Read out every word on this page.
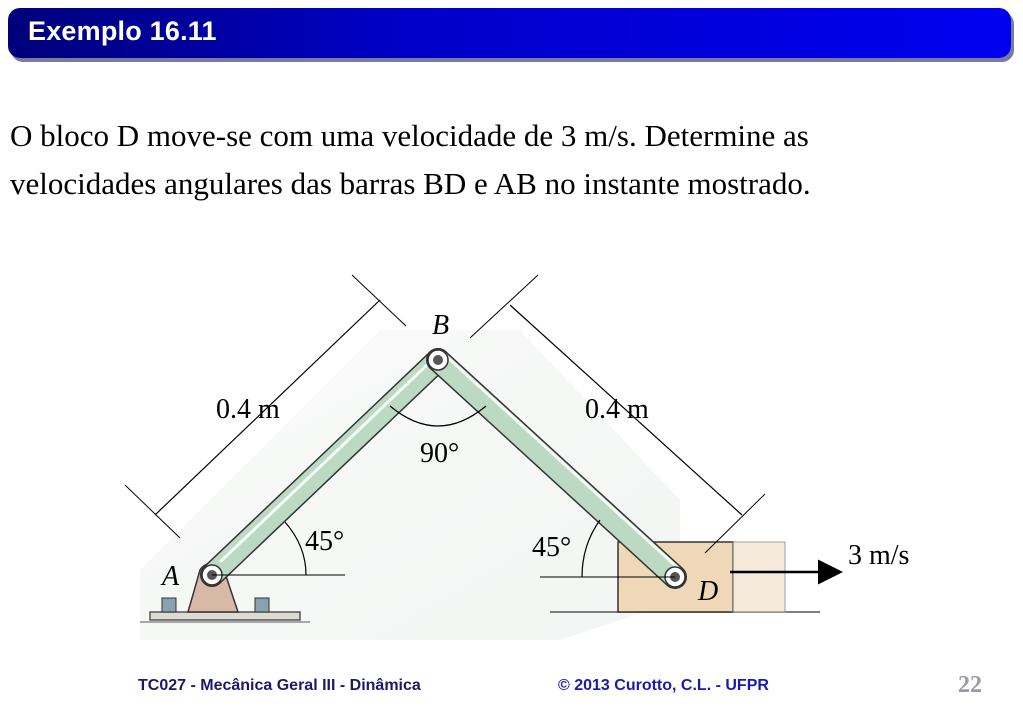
Exemplo 16.11
O bloco D move-se com uma velocidade de 3 m/s. Determine as
velocidades angulares das barras BD e AB no instante mostrado.
B
A	D
0.4 m	0.4 m
90°
45°	45°	3 m/s
TC027 - Mecânica Geral III - Dinâmica	© 2013 Curotto, C.L. - UFPR	22
